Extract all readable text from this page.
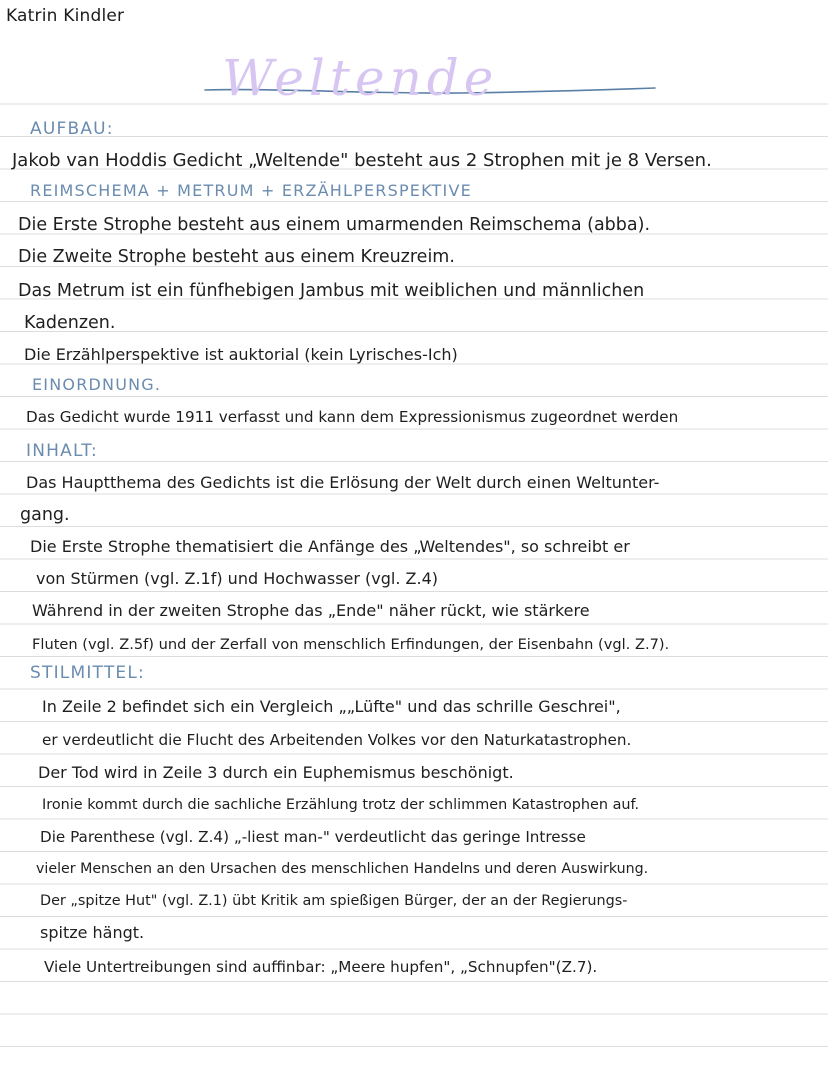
Katrin Kindler
Weltende
AUFBAU:
Jakob van Hoddis Gedicht „Weltende" besteht aus 2 Strophen mit je 8 Versen.
REIMSCHEMA + METRUM + ERZÄHLPERSPEKTIVE
Die Erste Strophe besteht aus einem umarmenden Reimschema (abba).
Die Zweite Strophe besteht aus einem Kreuzreim.
Das Metrum ist ein fünfhebigen Jambus mit weiblichen und männlichen
Kadenzen.
Die Erzählperspektive ist auktorial (kein Lyrisches-Ich)
EINORDNUNG.
Das Gedicht wurde 1911 verfasst und kann dem Expressionismus zugeordnet werden
INHALT:
Das Hauptthema des Gedichts ist die Erlösung der Welt durch einen Weltunter-
gang.
Die Erste Strophe thematisiert die Anfänge des „Weltendes", so schreibt er
von Stürmen (vgl. Z.1f) und Hochwasser (vgl. Z.4)
Während in der zweiten Strophe das „Ende" näher rückt, wie stärkere
Fluten (vgl. Z.5f) und der Zerfall von menschlich Erfindungen, der Eisenbahn (vgl. Z.7).
STILMITTEL:
In Zeile 2 befindet sich ein Vergleich „„Lüfte" und das schrille Geschrei",
er verdeutlicht die Flucht des Arbeitenden Volkes vor den Naturkatastrophen.
Der Tod wird in Zeile 3 durch ein Euphemismus beschönigt.
Ironie kommt durch die sachliche Erzählung trotz der schlimmen Katastrophen auf.
Die Parenthese (vgl. Z.4) „-liest man-" verdeutlicht das geringe Intresse
vieler Menschen an den Ursachen des menschlichen Handelns und deren Auswirkung.
Der „spitze Hut" (vgl. Z.1) übt Kritik am spießigen Bürger, der an der Regierungs-
spitze hängt.
Viele Untertreibungen sind auffinbar: „Meere hupfen", „Schnupfen"(Z.7).
